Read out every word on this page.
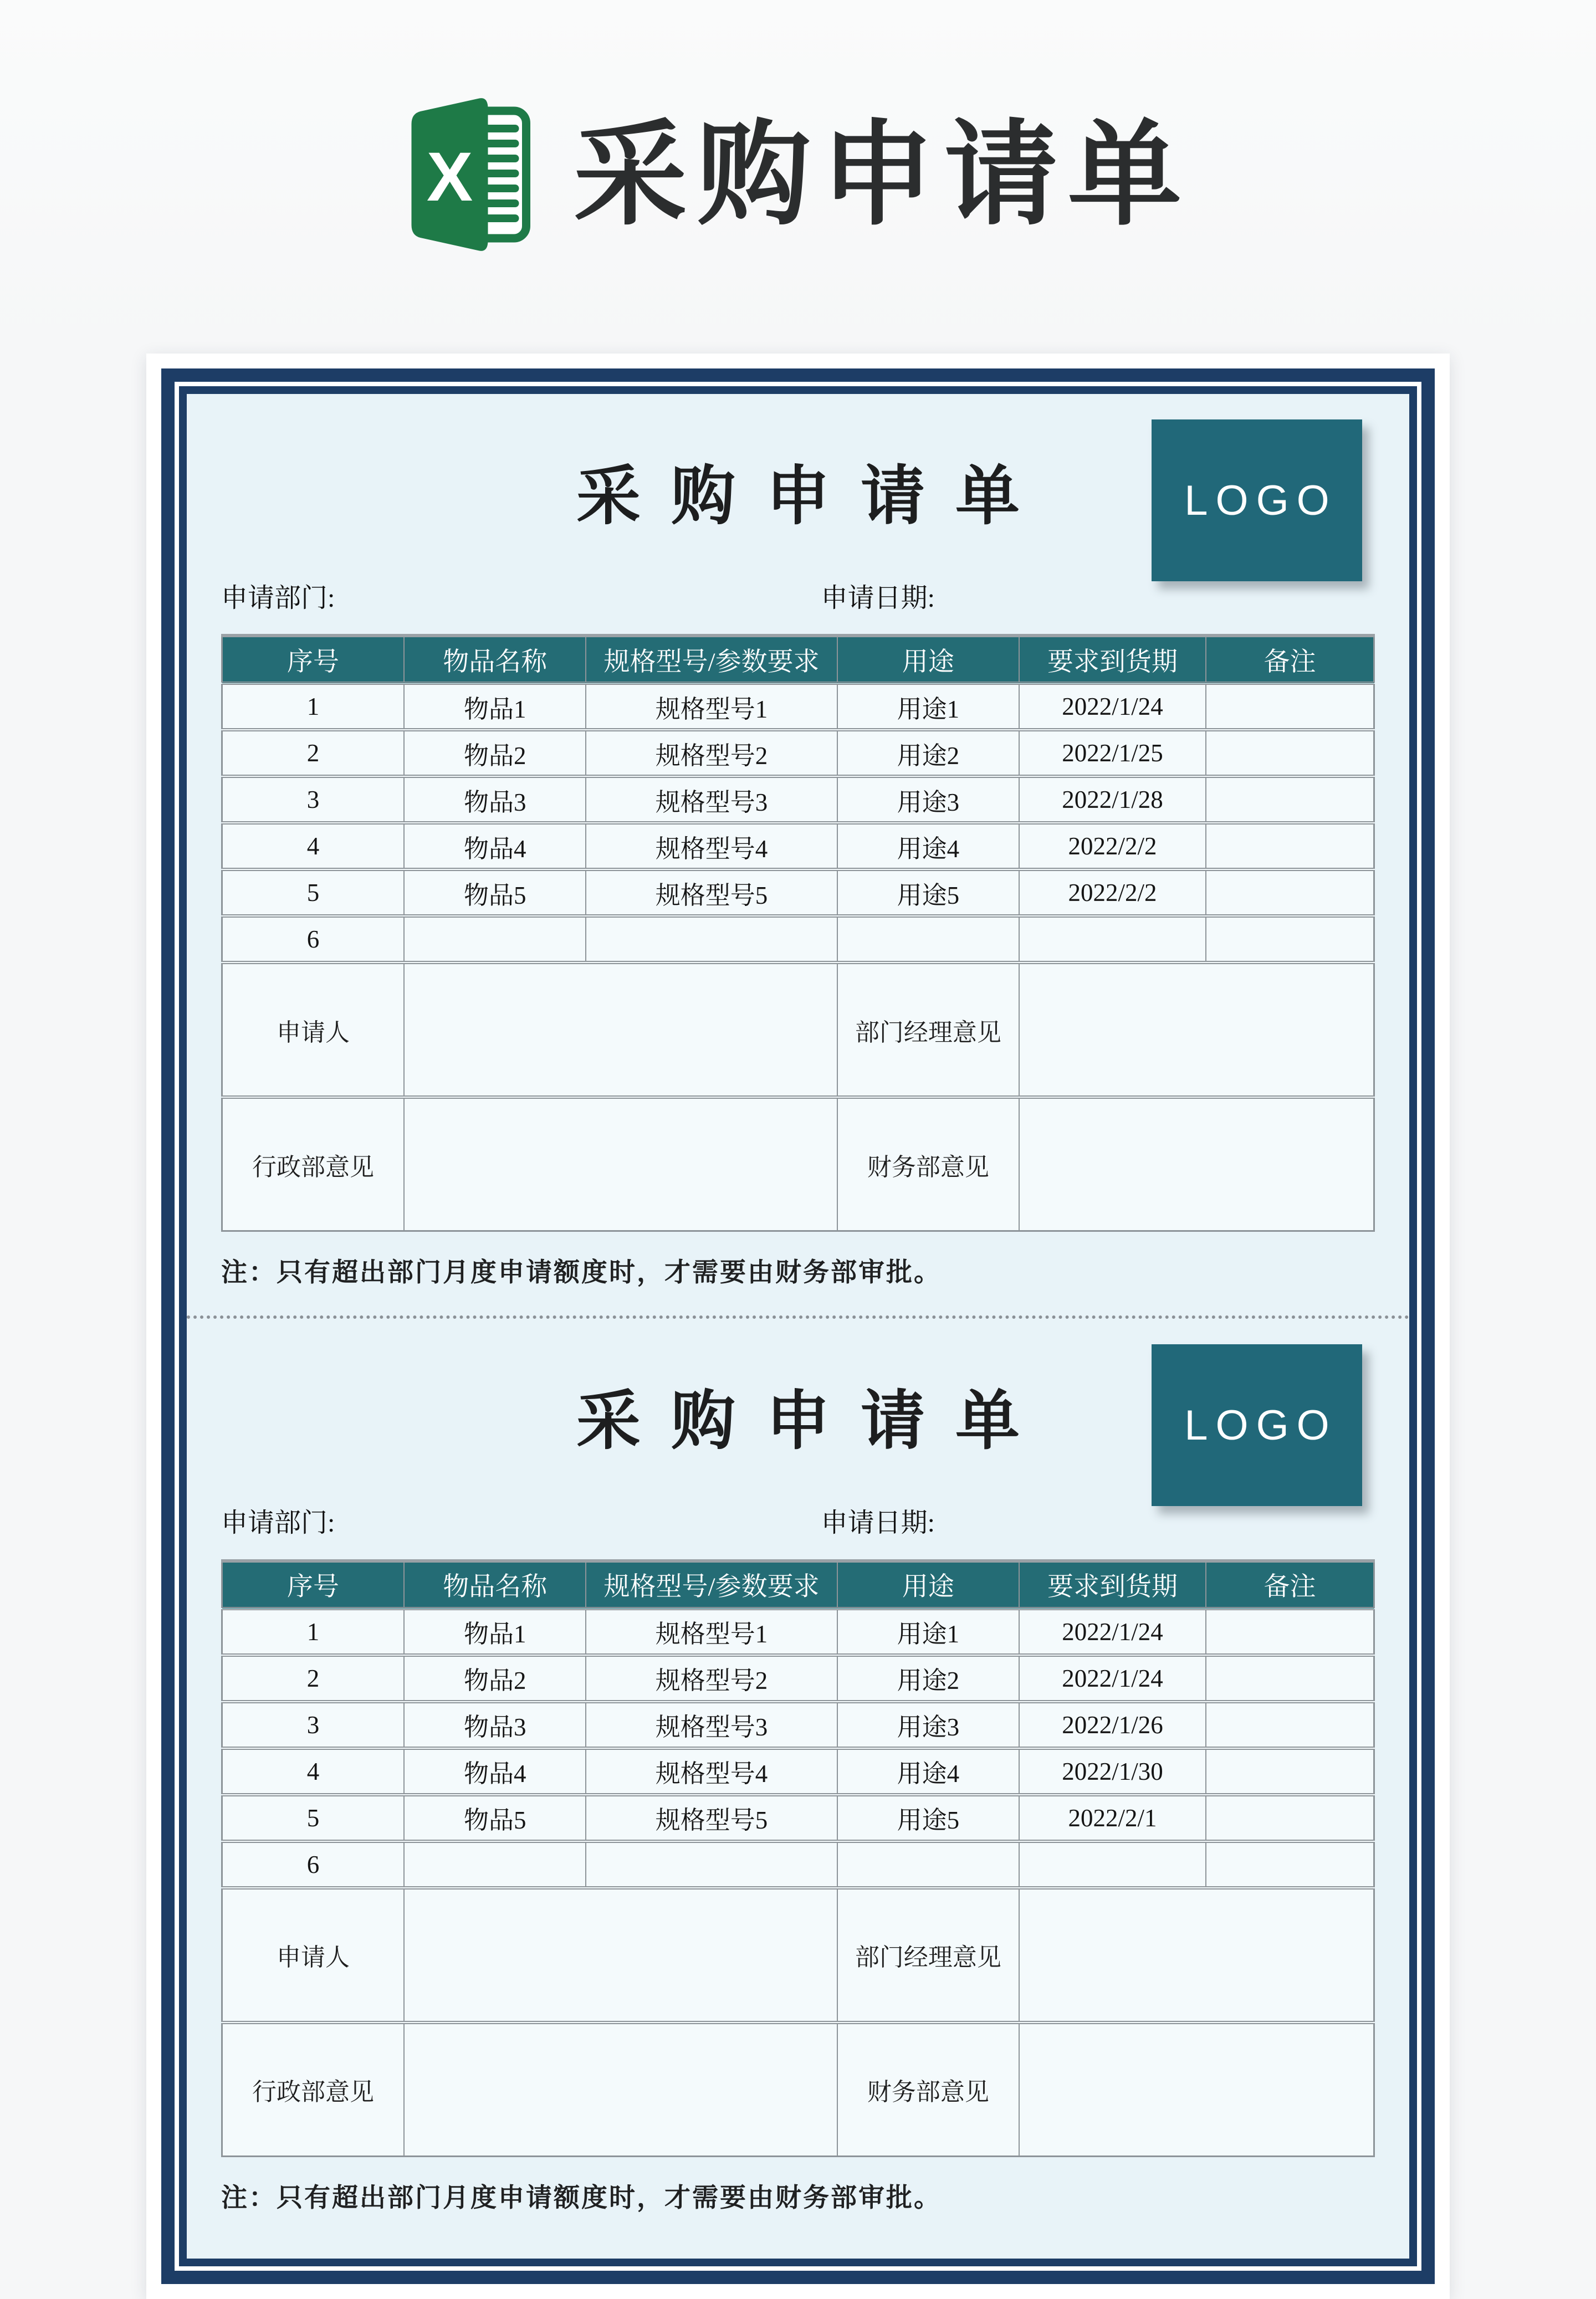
X 采购申请单
LOGO
采购申请单
申请部门:	申请日期:
序号	物品名称	规格型号/参数要求	用途	要求到货期	备注
1	物品1	规格型号1	用途1	2022/1/24	
2	物品2	规格型号2	用途2	2022/1/25	
3	物品3	规格型号3	用途3	2022/1/28	
4	物品4	规格型号4	用途4	2022/2/2	
5	物品5	规格型号5	用途5	2022/2/2	
6					
申请人			部门经理意见		
行政部意见			财务部意见		
注：只有超出部门月度申请额度时，才需要由财务部审批。
LOGO
采购申请单
申请部门:	申请日期:
序号	物品名称	规格型号/参数要求	用途	要求到货期	备注
1	物品1	规格型号1	用途1	2022/1/24	
2	物品2	规格型号2	用途2	2022/1/24	
3	物品3	规格型号3	用途3	2022/1/26	
4	物品4	规格型号4	用途4	2022/1/30	
5	物品5	规格型号5	用途5	2022/2/1	
6					
申请人			部门经理意见		
行政部意见			财务部意见		
注：只有超出部门月度申请额度时，才需要由财务部审批。
